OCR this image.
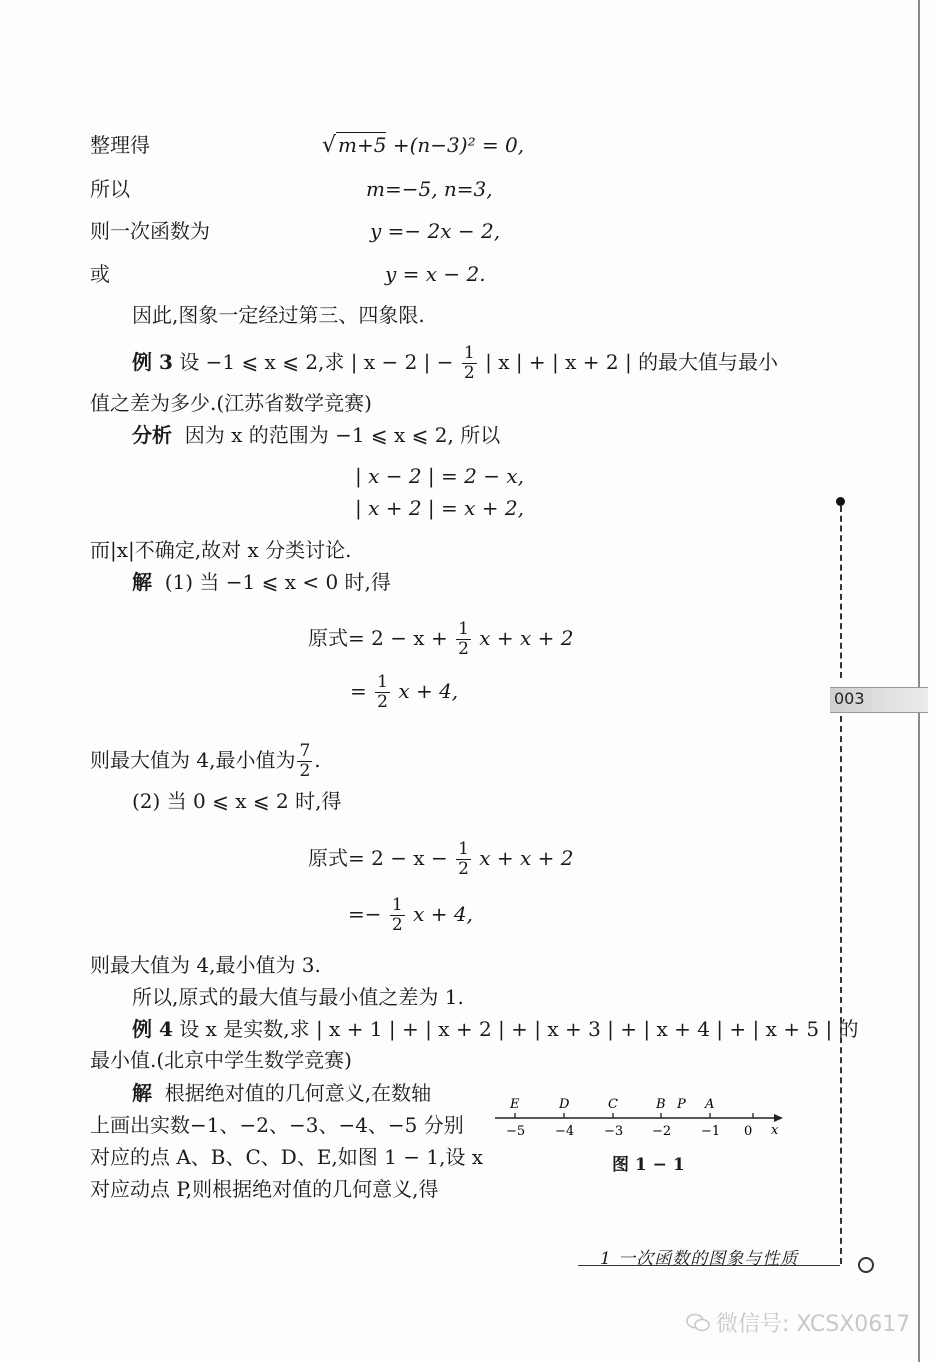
整理得	√ m+5 +(n−3)² = 0,
所以	m=−5, n=3,
则一次函数为	y =− 2x − 2,
或	y = x − 2.
因此,图象一定经过第三、四象限.
例 3 设 −1 ⩽ x ⩽ 2,求 | x − 2 | − $\frac{1}{2}$ | x | + | x + 2 | 的最大值与最小
值之差为多少.(江苏省数学竞赛)
分析 因为 x 的范围为 −1 ⩽ x ⩽ 2, 所以
| x − 2 | = 2 − x,
| x + 2 | = x + 2,
而|x|不确定,故对 x 分类讨论.
解 (1) 当 −1 ⩽ x < 0 时,得
原式= $2 - x + \frac{1}{2}$ x + x + 2
= $\frac{1}{2}$ x + 4,
则最大值为 4,最小值为 $\frac{7}{2}$ .
(2) 当 0 ⩽ x ⩽ 2 时,得
原式= $2 - x - \frac{1}{2}$ x + x + 2
=− $\frac{1}{2}$ x + 4,
则最大值为 4,最小值为 3.
所以,原式的最大值与最小值之差为 1.
例 4 设 x 是实数,求 | x + 1 | + | x + 2 | + | x + 3 | + | x + 4 | + | x + 5 | 的
最小值.(北京中学生数学竞赛)
解 根据绝对值的几何意义,在数轴
上画出实数−1、−2、−3、−4、−5 分别
对应的点 A、B、C、D、E,如图 1 − 1,设 x
对应动点 P,则根据绝对值的几何意义,得
−5 −4 −3 −2 −1 0
E	D	C	B P A
x
图 1 − 1
003
1 一次函数的图象与性质
微信号: XCSX0617
